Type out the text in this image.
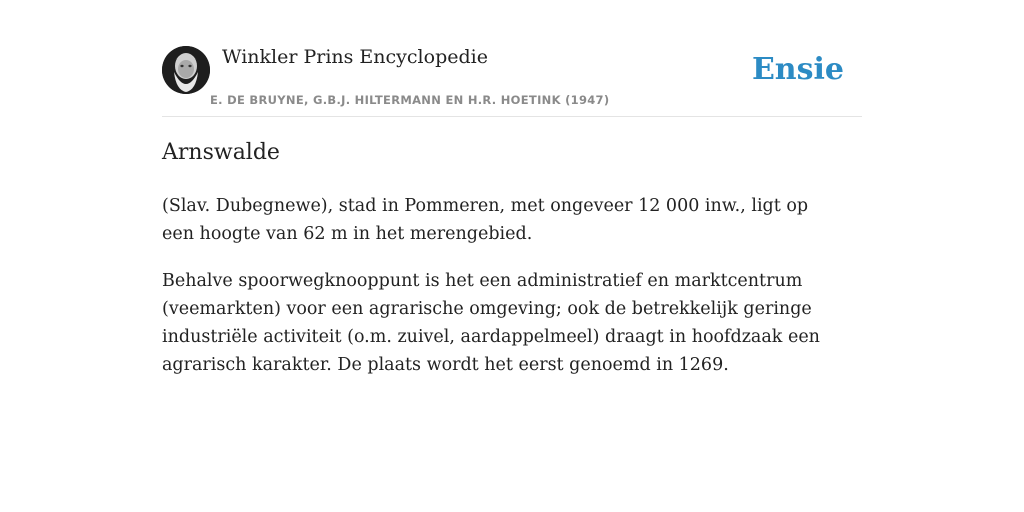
Winkler Prins Encyclopedie
E. DE BRUYNE, G.B.J. HILTERMANN EN H.R. HOETINK (1947)
Ensie
Arnswalde

(Slav. Dubegnewe), stad in Pommeren, met ongeveer 12 000 inw., ligt op een hoogte van 62 m in het merengebied.

Behalve spoorwegknooppunt is het een administratief en marktcentrum (veemarkten) voor een agrarische omgeving; ook de betrekkelijk geringe industriële activiteit (o.m. zuivel, aardappelmeel) draagt in hoofdzaak een agrarisch karakter. De plaats wordt het eerst genoemd in 1269.
